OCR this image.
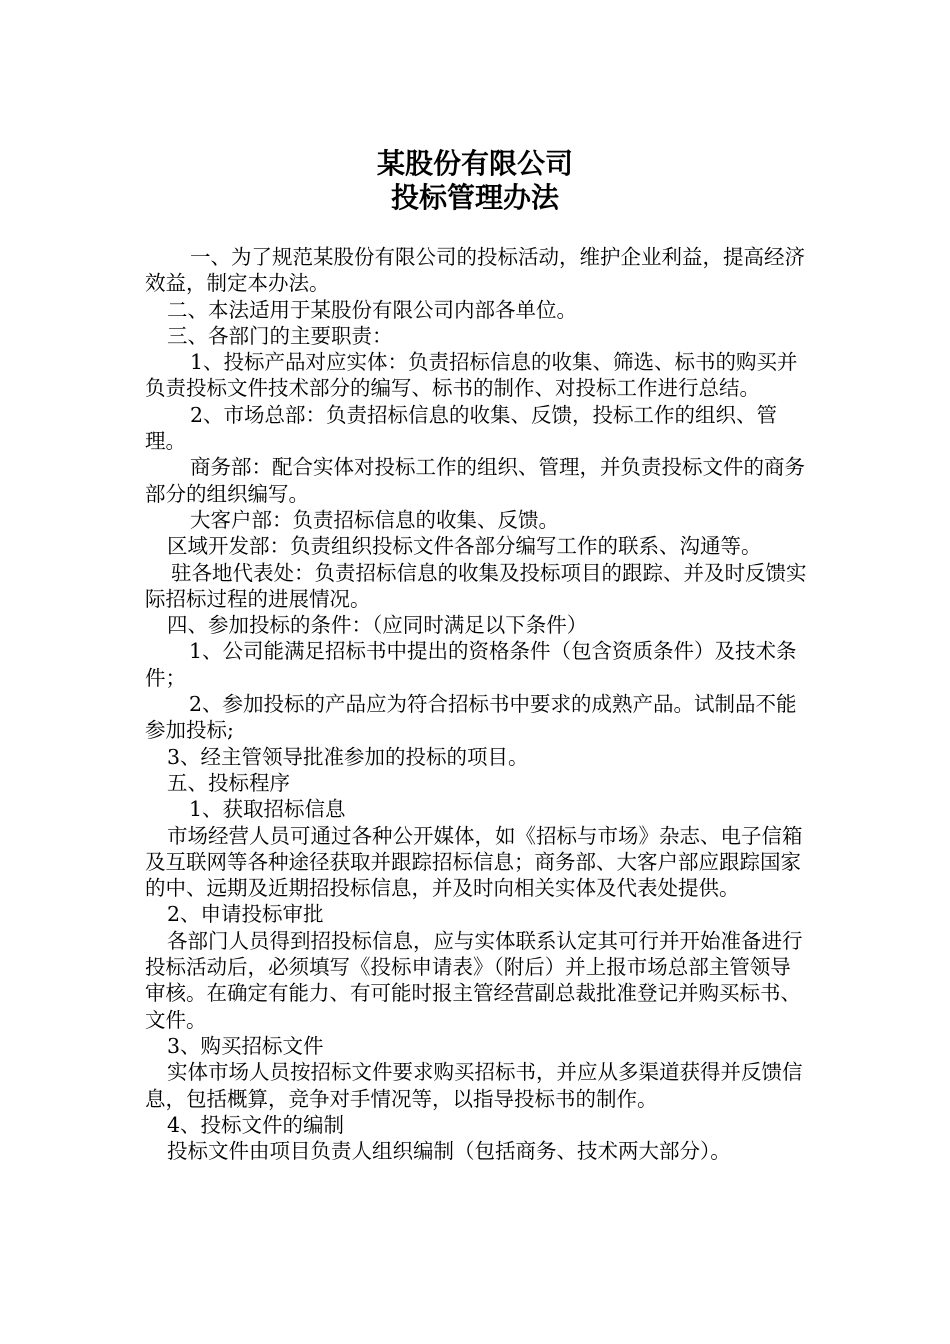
某股份有限公司
投标管理办法

一、为了规范某股份有限公司的投标活动，维护企业利益，提高经济效益，制定本办法。

二、本法适用于某股份有限公司内部各单位。

三、各部门的主要职责：

1、投标产品对应实体：负责招标信息的收集、筛选、标书的购买并负责投标文件技术部分的编写、标书的制作、对投标工作进行总结。

2、市场总部：负责招标信息的收集、反馈，投标工作的组织、管理。

商务部：配合实体对投标工作的组织、管理，并负责投标文件的商务部分的组织编写。

大客户部：负责招标信息的收集、反馈。

区域开发部：负责组织投标文件各部分编写工作的联系、沟通等。

驻各地代表处：负责招标信息的收集及投标项目的跟踪、并及时反馈实际招标过程的进展情况。

四、参加投标的条件：（应同时满足以下条件）

1、公司能满足招标书中提出的资格条件（包含资质条件）及技术条件；

2、参加投标的产品应为符合招标书中要求的成熟产品。试制品不能参加投标;

3、经主管领导批准参加的投标的项目。

五、投标程序

1、获取招标信息

市场经营人员可通过各种公开媒体，如《招标与市场》杂志、电子信箱及互联网等各种途径获取并跟踪招标信息；商务部、大客户部应跟踪国家的中、远期及近期招投标信息，并及时向相关实体及代表处提供。

2、申请投标审批

各部门人员得到招投标信息，应与实体联系认定其可行并开始准备进行投标活动后，必须填写《投标申请表》（附后）并上报市场总部主管领导审核。在确定有能力、有可能时报主管经营副总裁批准登记并购买标书、文件。

3、购买招标文件

实体市场人员按招标文件要求购买招标书，并应从多渠道获得并反馈信息，包括概算，竞争对手情况等，以指导投标书的制作。

4、投标文件的编制

投标文件由项目负责人组织编制（包括商务、技术两大部分）。
